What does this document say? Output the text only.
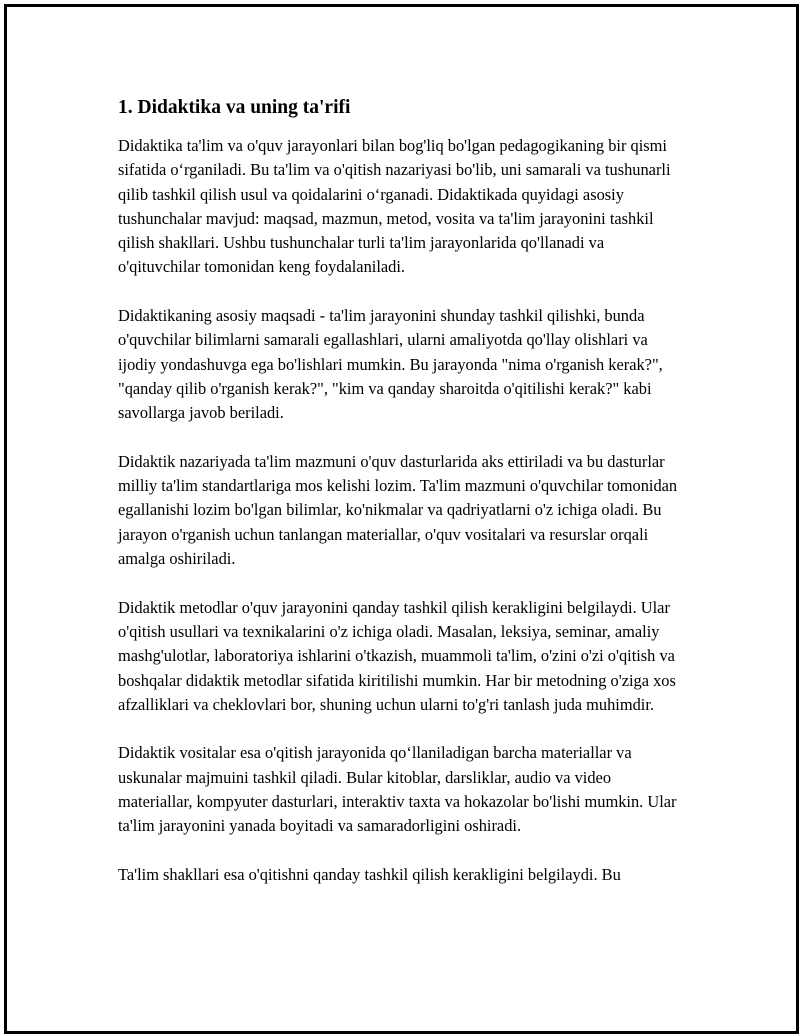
1. Didaktika va uning ta'rifi

Didaktika ta'lim va o'quv jarayonlari bilan bog'liq bo'lgan pedagogikaning bir qismi sifatida o‘rganiladi. Bu ta'lim va o'qitish nazariyasi bo'lib, uni samarali va tushunarli qilib tashkil qilish usul va qoidalarini o‘rganadi. Didaktikada quyidagi asosiy tushunchalar mavjud: maqsad, mazmun, metod, vosita va ta'lim jarayonini tashkil qilish shakllari. Ushbu tushunchalar turli ta'lim jarayonlarida qo'llanadi va o'qituvchilar tomonidan keng foydalaniladi.

Didaktikaning asosiy maqsadi - ta'lim jarayonini shunday tashkil qilishki, bunda o'quvchilar bilimlarni samarali egallashlari, ularni amaliyotda qo'llay olishlari va ijodiy yondashuvga ega bo'lishlari mumkin. Bu jarayonda "nima o'rganish kerak?", "qanday qilib o'rganish kerak?", "kim va qanday sharoitda o'qitilishi kerak?" kabi savollarga javob beriladi.

Didaktik nazariyada ta'lim mazmuni o'quv dasturlarida aks ettiriladi va bu dasturlar milliy ta'lim standartlariga mos kelishi lozim. Ta'lim mazmuni o'quvchilar tomonidan egallanishi lozim bo'lgan bilimlar, ko'nikmalar va qadriyatlarni o'z ichiga oladi. Bu jarayon o'rganish uchun tanlangan materiallar, o'quv vositalari va resurslar orqali amalga oshiriladi.

Didaktik metodlar o'quv jarayonini qanday tashkil qilish kerakligini belgilaydi. Ular o'qitish usullari va texnikalarini o'z ichiga oladi. Masalan, leksiya, seminar, amaliy mashg'ulotlar, laboratoriya ishlarini o'tkazish, muammoli ta'lim, o'zini o'zi o'qitish va boshqalar didaktik metodlar sifatida kiritilishi mumkin. Har bir metodning o'ziga xos afzalliklari va cheklovlari bor, shuning uchun ularni to'g'ri tanlash juda muhimdir.

Didaktik vositalar esa o'qitish jarayonida qo‘llaniladigan barcha materiallar va uskunalar majmuini tashkil qiladi. Bular kitoblar, darsliklar, audio va video materiallar, kompyuter dasturlari, interaktiv taxta va hokazolar bo'lishi mumkin. Ular ta'lim jarayonini yanada boyitadi va samaradorligini oshiradi.

Ta'lim shakllari esa o'qitishni qanday tashkil qilish kerakligini belgilaydi. Bu
